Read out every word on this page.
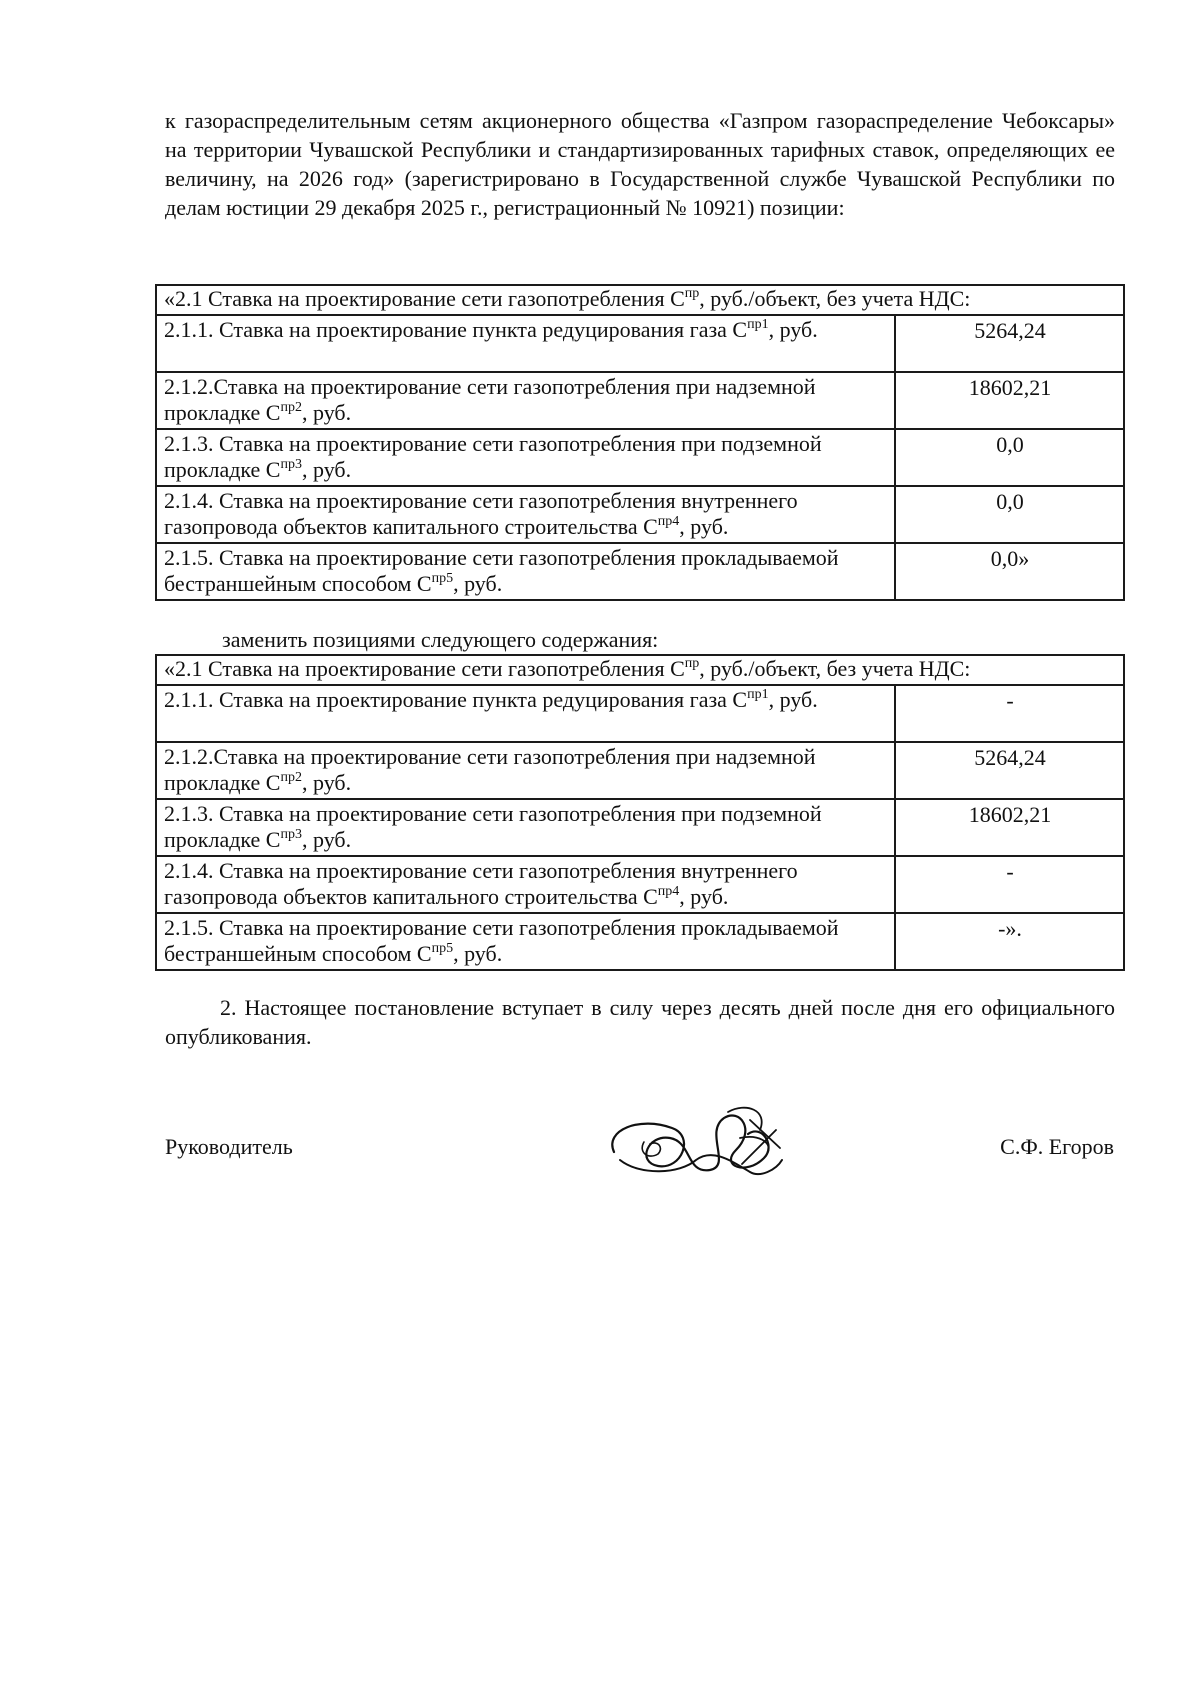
к газораспределительным сетям акционерного общества «Газпром газораспределение Чебоксары» на территории Чувашской Республики и стандартизированных тарифных ставок, определяющих ее величину, на 2026 год» (зарегистрировано в Государственной службе Чувашской Республики по делам юстиции 29 декабря 2025 г., регистрационный № 10921) позиции:

«2.1 Ставка на проектирование сети газопотребления $С^{пр}$, руб./объект, без учета НДС:	
2.1.1. Ставка на проектирование пункта редуцирования газа $С^{пр1}$, руб.	5264,24
2.1.2.Ставка на проектирование сети газопотребления при надземной прокладке $С^{пр2}$, руб.	18602,21
2.1.3. Ставка на проектирование сети газопотребления при подземной прокладке $С^{пр3}$, руб.	0,0
2.1.4. Ставка на проектирование сети газопотребления внутреннего газопровода объектов капитального строительства $С^{пр4}$, руб.	0,0
2.1.5. Ставка на проектирование сети газопотребления прокладываемой бестраншейным способом $С^{пр5}$, руб.	0,0»

заменить позициями следующего содержания:

«2.1 Ставка на проектирование сети газопотребления $С^{пр}$, руб./объект, без учета НДС:	
2.1.1. Ставка на проектирование пункта редуцирования газа $С^{пр1}$, руб.	-
2.1.2.Ставка на проектирование сети газопотребления при надземной прокладке $С^{пр2}$, руб.	5264,24
2.1.3. Ставка на проектирование сети газопотребления при подземной прокладке $С^{пр3}$, руб.	18602,21
2.1.4. Ставка на проектирование сети газопотребления внутреннего газопровода объектов капитального строительства $С^{пр4}$, руб.	-
2.1.5. Ставка на проектирование сети газопотребления прокладываемой бестраншейным способом $С^{пр5}$, руб.	-».

2. Настоящее постановление вступает в силу через десять дней после дня его официального опубликования.

Руководитель	С.Ф. Егоров
